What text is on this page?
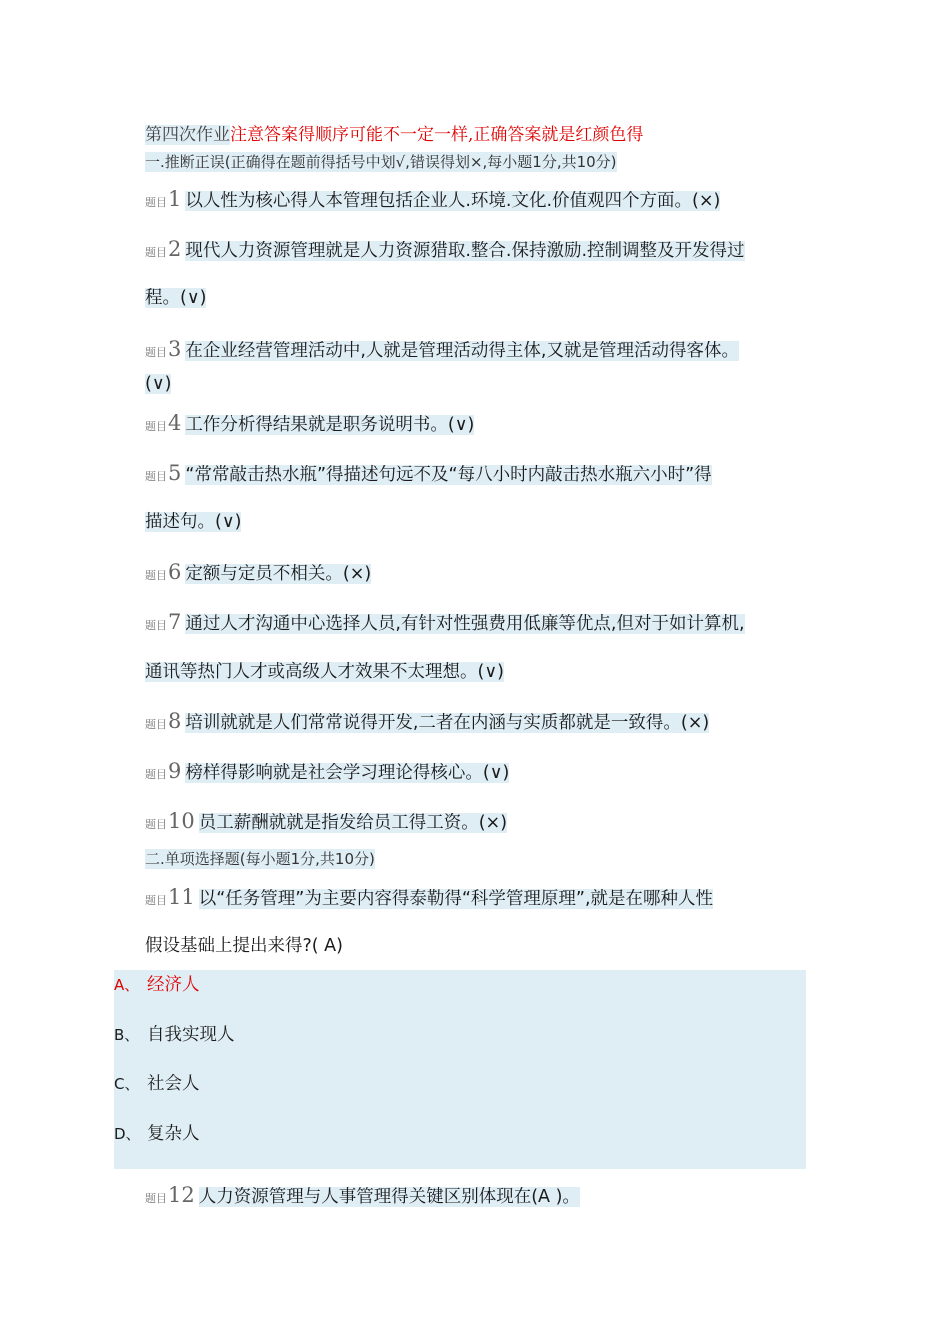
第四次作业注意答案得顺序可能不一定一样,正确答案就是红颜色得
一.推断正误(正确得在题前得括号中划√,错误得划×,每小题1分,共10分)
题目1 以人性为核心得人本管理包括企业人.环境.文化.价值观四个方面。(×)
题目2 现代人力资源管理就是人力资源猎取.整合.保持激励.控制调整及开发得过
程。(∨)
题目3 在企业经营管理活动中,人就是管理活动得主体,又就是管理活动得客体。
(∨)
题目4 工作分析得结果就是职务说明书。(∨)
题目5 “常常敲击热水瓶”得描述句远不及“每八小时内敲击热水瓶六小时”得
描述句。(∨)
题目6 定额与定员不相关。(×)
题目7 通过人才沟通中心选择人员,有针对性强费用低廉等优点,但对于如计算机,
通讯等热门人才或高级人才效果不太理想。(∨)
题目8 培训就就是人们常常说得开发,二者在内涵与实质都就是一致得。(×)
题目9 榜样得影响就是社会学习理论得核心。(∨)
题目10 员工薪酬就就是指发给员工得工资。(×)
二.单项选择题(每小题1分,共10分)
题目11 以“任务管理”为主要内容得泰勒得“科学管理原理”,就是在哪种人性
假设基础上提出来得?( A)
A、 经济人
B、 自我实现人
C、 社会人
D、 复杂人
题目12 人力资源管理与人事管理得关键区别体现在(A )。
